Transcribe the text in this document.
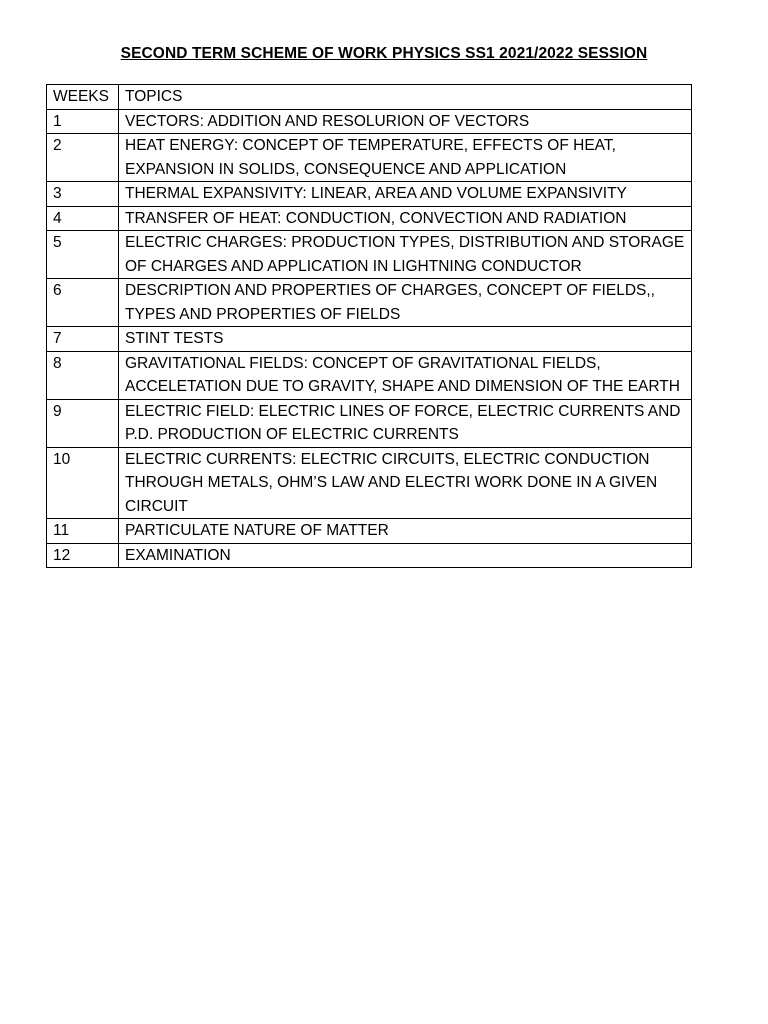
SECOND TERM SCHEME OF WORK PHYSICS SS1 2021/2022 SESSION
WEEKS	TOPICS
1	VECTORS: ADDITION AND RESOLURION OF VECTORS
2	HEAT ENERGY: CONCEPT OF TEMPERATURE, EFFECTS OF HEAT, EXPANSION IN SOLIDS, CONSEQUENCE AND APPLICATION
3	THERMAL EXPANSIVITY: LINEAR, AREA AND VOLUME EXPANSIVITY
4	TRANSFER OF HEAT: CONDUCTION, CONVECTION AND RADIATION
5	ELECTRIC CHARGES: PRODUCTION TYPES, DISTRIBUTION AND STORAGE OF CHARGES AND APPLICATION IN LIGHTNING CONDUCTOR
6	DESCRIPTION AND PROPERTIES OF CHARGES, CONCEPT OF FIELDS,, TYPES AND PROPERTIES OF FIELDS
7	STINT TESTS
8	GRAVITATIONAL FIELDS: CONCEPT OF GRAVITATIONAL FIELDS, ACCELETATION DUE TO GRAVITY, SHAPE AND DIMENSION OF THE EARTH
9	ELECTRIC FIELD: ELECTRIC LINES OF FORCE, ELECTRIC CURRENTS AND P.D. PRODUCTION OF ELECTRIC CURRENTS
10	ELECTRIC CURRENTS: ELECTRIC CIRCUITS, ELECTRIC CONDUCTION THROUGH METALS, OHM’S LAW AND ELECTRI WORK DONE IN A GIVEN CIRCUIT
11	PARTICULATE NATURE OF MATTER
12	EXAMINATION
